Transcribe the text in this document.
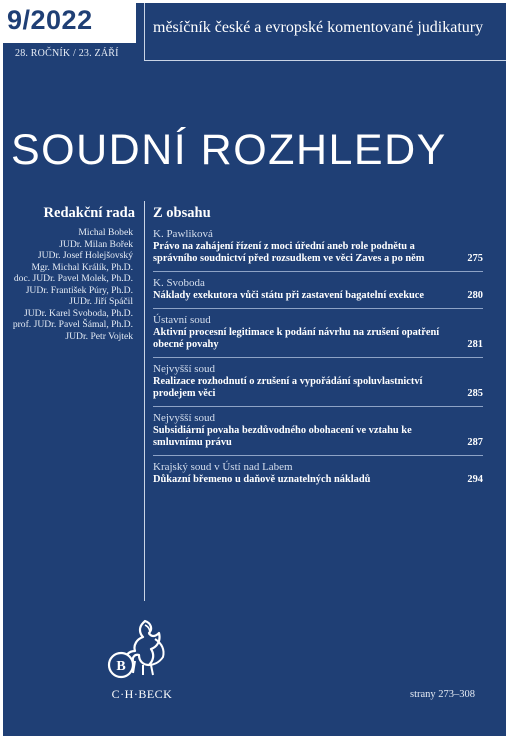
9/2022
28. ROČNÍK / 23. ZÁŘÍ
měsíčník české a evropské komentované judikatury
SOUDNÍ ROZHLEDY
Redakční rada
Michal Bobek
JUDr. Milan Bořek
JUDr. Josef Holejšovský
Mgr. Michal Králík, Ph.D.
doc. JUDr. Pavel Molek, Ph.D.
JUDr. František Púry, Ph.D.
JUDr. Jiří Spáčil
JUDr. Karel Svoboda, Ph.D.
prof. JUDr. Pavel Šámal, Ph.D.
JUDr. Petr Vojtek
Z obsahu
K. Pawliková
Právo na zahájení řízení z moci úřední aneb role podnětu a správního soudnictví před rozsudkem ve věci Zaves a po něm	275
K. Svoboda
Náklady exekutora vůči státu při zastavení bagatelní exekuce	280
Ústavní soud
Aktivní procesní legitimace k podání návrhu na zrušení opatření obecné povahy	281
Nejvyšší soud
Realizace rozhodnutí o zrušení a vypořádání spoluvlastnictví prodejem věci	285
Nejvyšší soud
Subsidiární povaha bezdůvodného obohacení ve vztahu ke smluvnímu právu	287
Krajský soud v Ústí nad Labem
Důkazní břemeno u daňově uznatelných nákladů	294
B
C·H·BECK	strany 273–308
